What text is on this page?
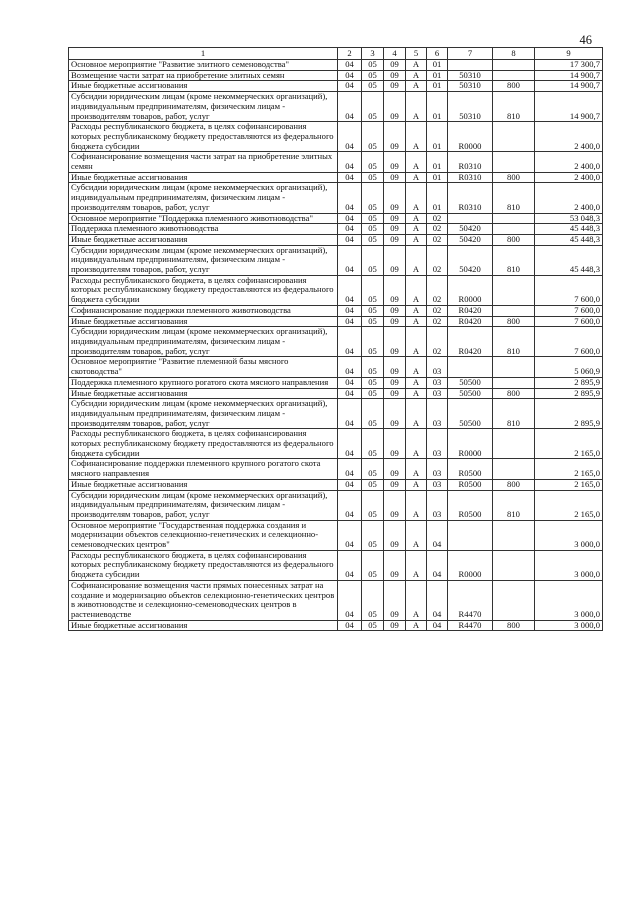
46
1	2	3	4	5	6	7	8	9
Основное мероприятие "Развитие элитного семеноводства"	04	05	09	А	01			17 300,7
Возмещение части затрат на приобретение элитных семян	04	05	09	А	01	50310		14 900,7
Иные бюджетные ассигнования	04	05	09	А	01	50310	800	14 900,7
Субсидии юридическим лицам (кроме некоммерческих организаций), индивидуальным предпринимателям, физическим лицам - производителям товаров, работ, услуг	04	05	09	А	01	50310	810	14 900,7
Расходы республиканского бюджета, в целях софинансирования которых республиканскому бюджету предоставляются из федерального бюджета субсидии	04	05	09	А	01	R0000		2 400,0
Софинансирование возмещения части затрат на приобретение элитных семян	04	05	09	А	01	R0310		2 400,0
Иные бюджетные ассигнования	04	05	09	А	01	R0310	800	2 400,0
Субсидии юридическим лицам (кроме некоммерческих организаций), индивидуальным предпринимателям, физическим лицам - производителям товаров, работ, услуг	04	05	09	А	01	R0310	810	2 400,0
Основное мероприятие "Поддержка племенного животноводства"	04	05	09	А	02			53 048,3
Поддержка племенного животноводства	04	05	09	А	02	50420		45 448,3
Иные бюджетные ассигнования	04	05	09	А	02	50420	800	45 448,3
Субсидии юридическим лицам (кроме некоммерческих организаций), индивидуальным предпринимателям, физическим лицам - производителям товаров, работ, услуг	04	05	09	А	02	50420	810	45 448,3
Расходы республиканского бюджета, в целях софинансирования которых республиканскому бюджету предоставляются из федерального бюджета субсидии	04	05	09	А	02	R0000		7 600,0
Софинансирование поддержки племенного животноводства	04	05	09	А	02	R0420		7 600,0
Иные бюджетные ассигнования	04	05	09	А	02	R0420	800	7 600,0
Субсидии юридическим лицам (кроме некоммерческих организаций), индивидуальным предпринимателям, физическим лицам - производителям товаров, работ, услуг	04	05	09	А	02	R0420	810	7 600,0
Основное мероприятие "Развитие племенной базы мясного скотоводства"	04	05	09	А	03			5 060,9
Поддержка племенного крупного рогатого скота мясного направления	04	05	09	А	03	50500		2 895,9
Иные бюджетные ассигнования	04	05	09	А	03	50500	800	2 895,9
Субсидии юридическим лицам (кроме некоммерческих организаций), индивидуальным предпринимателям, физическим лицам - производителям товаров, работ, услуг	04	05	09	А	03	50500	810	2 895,9
Расходы республиканского бюджета, в целях софинансирования которых республиканскому бюджету предоставляются из федерального бюджета субсидии	04	05	09	А	03	R0000		2 165,0
Софинансирование поддержки племенного крупного рогатого скота мясного направления	04	05	09	А	03	R0500		2 165,0
Иные бюджетные ассигнования	04	05	09	А	03	R0500	800	2 165,0
Субсидии юридическим лицам (кроме некоммерческих организаций), индивидуальным предпринимателям, физическим лицам - производителям товаров, работ, услуг	04	05	09	А	03	R0500	810	2 165,0
Основное мероприятие "Государственная поддержка создания и модернизации объектов селекционно-генетических и селекционно-семеноводческих центров"	04	05	09	А	04			3 000,0
Расходы республиканского бюджета, в целях софинансирования которых республиканскому бюджету предоставляются из федерального бюджета субсидии	04	05	09	А	04	R0000		3 000,0
Софинансирование возмещения части прямых понесенных затрат на создание и модернизацию объектов селекционно-генетических центров в животноводстве и селекционно-семеноводческих центров в растениеводстве	04	05	09	А	04	R4470		3 000,0
Иные бюджетные ассигнования	04	05	09	А	04	R4470	800	3 000,0
